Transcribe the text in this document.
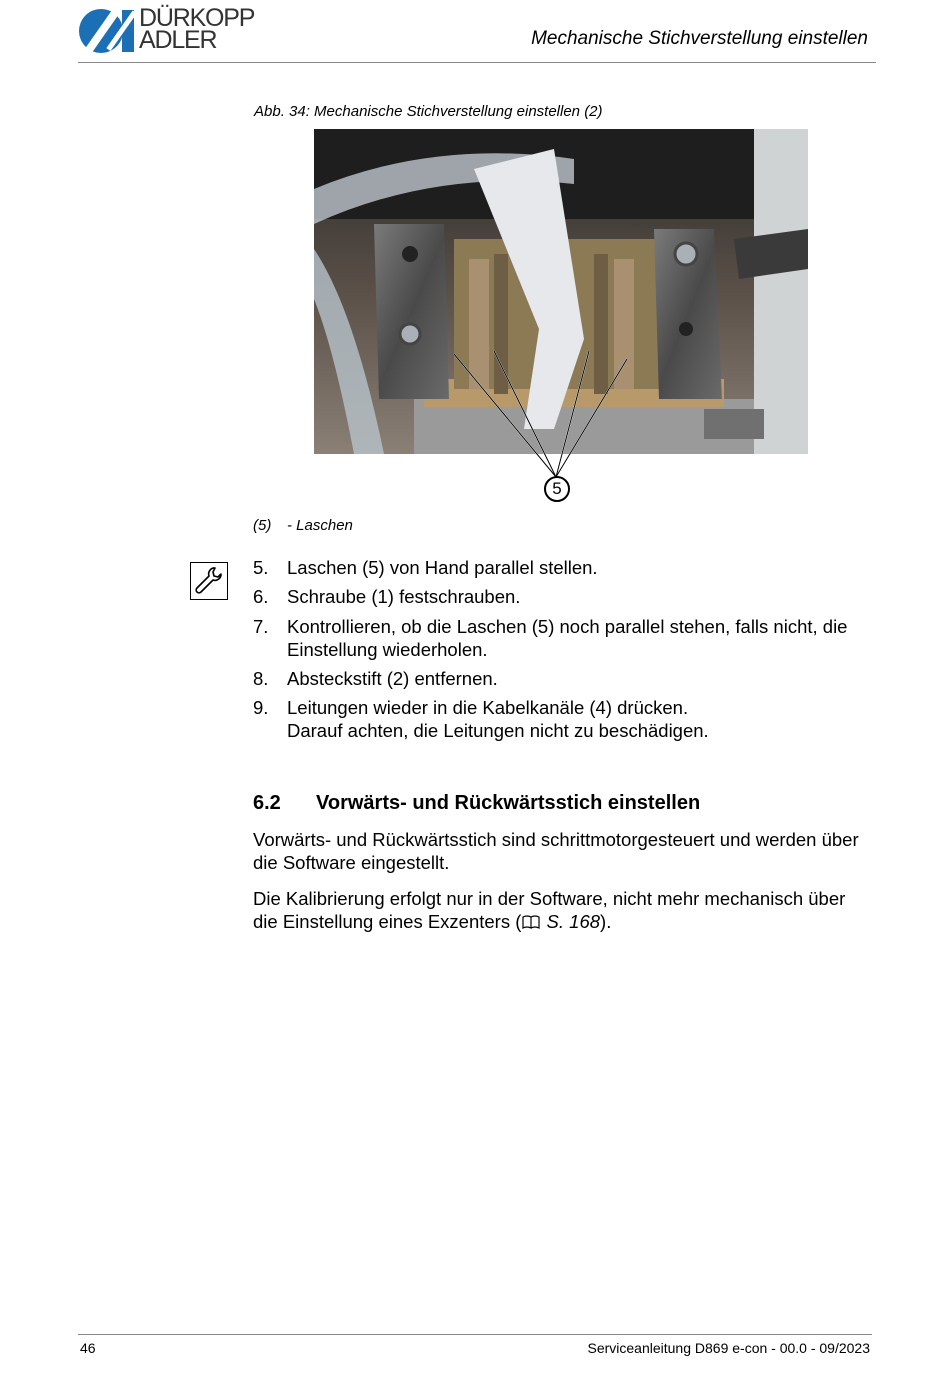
DÜRKOPP
ADLER	Mechanische Stichverstellung einstellen
Abb. 34: Mechanische Stichverstellung einstellen (2)
5
(5) - Laschen
5. Laschen (5) von Hand parallel stellen.
6. Schraube (1) festschrauben.
7. Kontrollieren, ob die Laschen (5) noch parallel stehen, falls nicht, die Einstellung wiederholen.
8. Absteckstift (2) entfernen.
9. Leitungen wieder in die Kabelkanäle (4) drücken.
Darauf achten, die Leitungen nicht zu beschädigen.
6.2 Vorwärts- und Rückwärtsstich einstellen
Vorwärts- und Rückwärtsstich sind schrittmotorgesteuert und werden über die Software eingestellt.
Die Kalibrierung erfolgt nur in der Software, nicht mehr mechanisch über die Einstellung eines Exzenters ( S. 168).
46	Serviceanleitung D869 e-con - 00.0 - 09/2023
